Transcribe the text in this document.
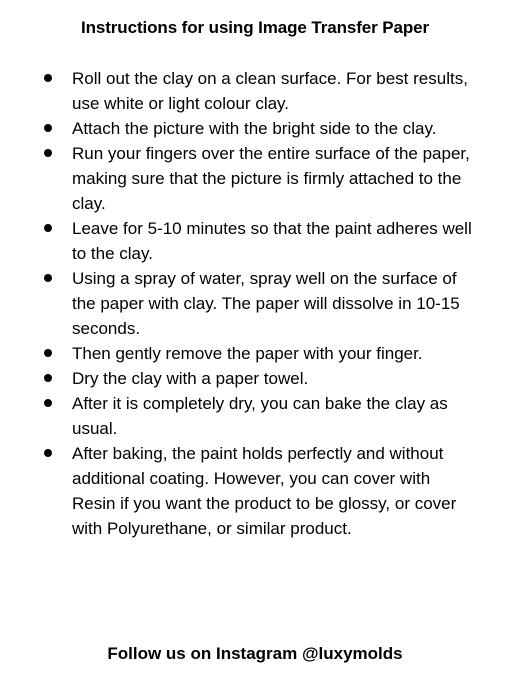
Instructions for using Image Transfer Paper
Roll out the clay on a clean surface. For best results, use white or light colour clay.
Attach the picture with the bright side to the clay.
Run your fingers over the entire surface of the paper, making sure that the picture is firmly attached to the clay.
Leave for 5-10 minutes so that the paint adheres well to the clay.
Using a spray of water, spray well on the surface of the paper with clay. The paper will dissolve in 10-15 seconds.
Then gently remove the paper with your finger.
Dry the clay with a paper towel.
After it is completely dry, you can bake the clay as usual.
After baking, the paint holds perfectly and without additional coating. However, you can cover with Resin if you want the product to be glossy, or cover with Polyurethane, or similar product.
Follow us on Instagram @luxymolds
